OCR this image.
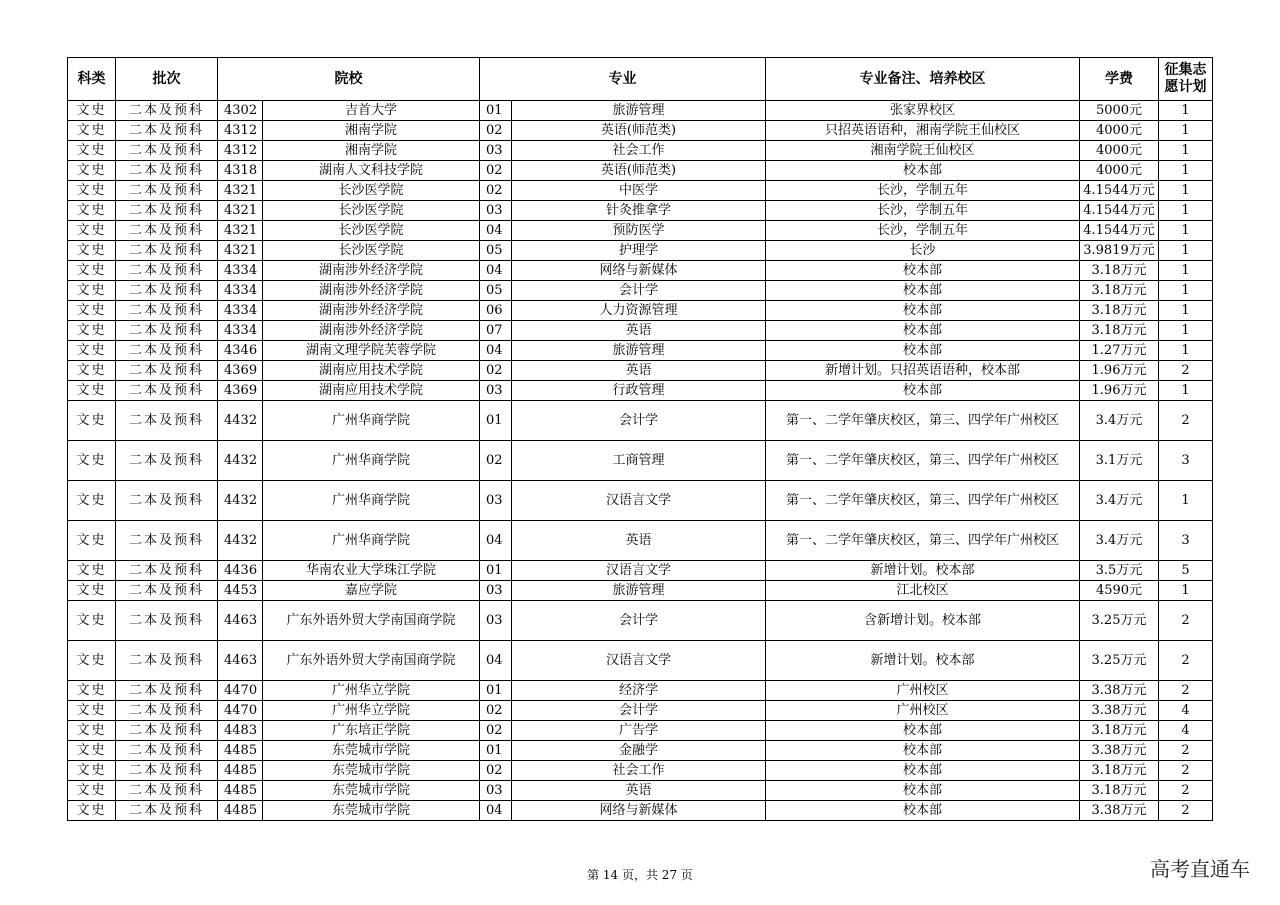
科类	批次	院校		专业		专业备注、培养校区	学费	征集志愿计划
文史	二本及预科	4302	吉首大学	01	旅游管理	张家界校区	5000元	1
文史	二本及预科	4312	湘南学院	02	英语(师范类)	只招英语语种，湘南学院王仙校区	4000元	1
文史	二本及预科	4312	湘南学院	03	社会工作	湘南学院王仙校区	4000元	1
文史	二本及预科	4318	湖南人文科技学院	02	英语(师范类)	校本部	4000元	1
文史	二本及预科	4321	长沙医学院	02	中医学	长沙，学制五年	4.1544万元	1
文史	二本及预科	4321	长沙医学院	03	针灸推拿学	长沙，学制五年	4.1544万元	1
文史	二本及预科	4321	长沙医学院	04	预防医学	长沙，学制五年	4.1544万元	1
文史	二本及预科	4321	长沙医学院	05	护理学	长沙	3.9819万元	1
文史	二本及预科	4334	湖南涉外经济学院	04	网络与新媒体	校本部	3.18万元	1
文史	二本及预科	4334	湖南涉外经济学院	05	会计学	校本部	3.18万元	1
文史	二本及预科	4334	湖南涉外经济学院	06	人力资源管理	校本部	3.18万元	1
文史	二本及预科	4334	湖南涉外经济学院	07	英语	校本部	3.18万元	1
文史	二本及预科	4346	湖南文理学院芙蓉学院	04	旅游管理	校本部	1.27万元	1
文史	二本及预科	4369	湖南应用技术学院	02	英语	新增计划。只招英语语种，校本部	1.96万元	2
文史	二本及预科	4369	湖南应用技术学院	03	行政管理	校本部	1.96万元	1
文史	二本及预科	4432	广州华商学院	01	会计学	第一、二学年肇庆校区，第三、四学年广州校区	3.4万元	2
文史	二本及预科	4432	广州华商学院	02	工商管理	第一、二学年肇庆校区，第三、四学年广州校区	3.1万元	3
文史	二本及预科	4432	广州华商学院	03	汉语言文学	第一、二学年肇庆校区，第三、四学年广州校区	3.4万元	1
文史	二本及预科	4432	广州华商学院	04	英语	第一、二学年肇庆校区，第三、四学年广州校区	3.4万元	3
文史	二本及预科	4436	华南农业大学珠江学院	01	汉语言文学	新增计划。校本部	3.5万元	5
文史	二本及预科	4453	嘉应学院	03	旅游管理	江北校区	4590元	1
文史	二本及预科	4463	广东外语外贸大学南国商学院	03	会计学	含新增计划。校本部	3.25万元	2
文史	二本及预科	4463	广东外语外贸大学南国商学院	04	汉语言文学	新增计划。校本部	3.25万元	2
文史	二本及预科	4470	广州华立学院	01	经济学	广州校区	3.38万元	2
文史	二本及预科	4470	广州华立学院	02	会计学	广州校区	3.38万元	4
文史	二本及预科	4483	广东培正学院	02	广告学	校本部	3.18万元	4
文史	二本及预科	4485	东莞城市学院	01	金融学	校本部	3.38万元	2
文史	二本及预科	4485	东莞城市学院	02	社会工作	校本部	3.18万元	2
文史	二本及预科	4485	东莞城市学院	03	英语	校本部	3.18万元	2
文史	二本及预科	4485	东莞城市学院	04	网络与新媒体	校本部	3.38万元	2
第 14 页，共 27 页	高考直通车
